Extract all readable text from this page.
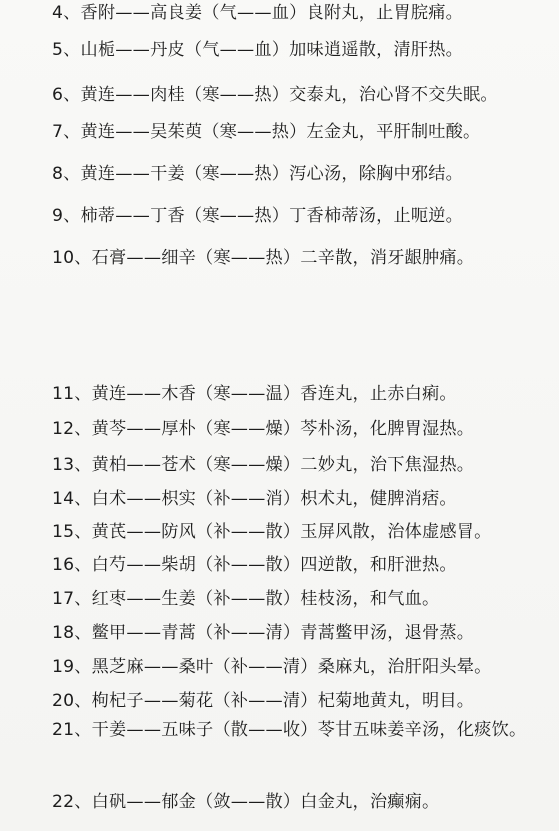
4、香附——高良姜（气——血）良附丸，止胃脘痛。
5、山栀——丹皮（气——血）加味逍遥散，清肝热。
6、黄连——肉桂（寒——热）交泰丸，治心肾不交失眠。
7、黄连——吴茱萸（寒——热）左金丸，平肝制吐酸。
8、黄连——干姜（寒——热）泻心汤，除胸中邪结。
9、柿蒂——丁香（寒——热）丁香柿蒂汤，止呃逆。
10、石膏——细辛（寒——热）二辛散，消牙龈肿痛。
11、黄连——木香（寒——温）香连丸，止赤白痢。
12、黄芩——厚朴（寒——燥）芩朴汤，化脾胃湿热。
13、黄柏——苍术（寒——燥）二妙丸，治下焦湿热。
14、白术——枳实（补——消）枳术丸，健脾消痞。
15、黄芪——防风（补——散）玉屏风散，治体虚感冒。
16、白芍——柴胡（补——散）四逆散，和肝泄热。
17、红枣——生姜（补——散）桂枝汤，和气血。
18、鳖甲——青蒿（补——清）青蒿鳖甲汤，退骨蒸。
19、黑芝麻——桑叶（补——清）桑麻丸，治肝阳头晕。
20、枸杞子——菊花（补——清）杞菊地黄丸，明目。
21、干姜——五味子（散——收）苓甘五味姜辛汤，化痰饮。
22、白矾——郁金（敛——散）白金丸，治癫痫。
